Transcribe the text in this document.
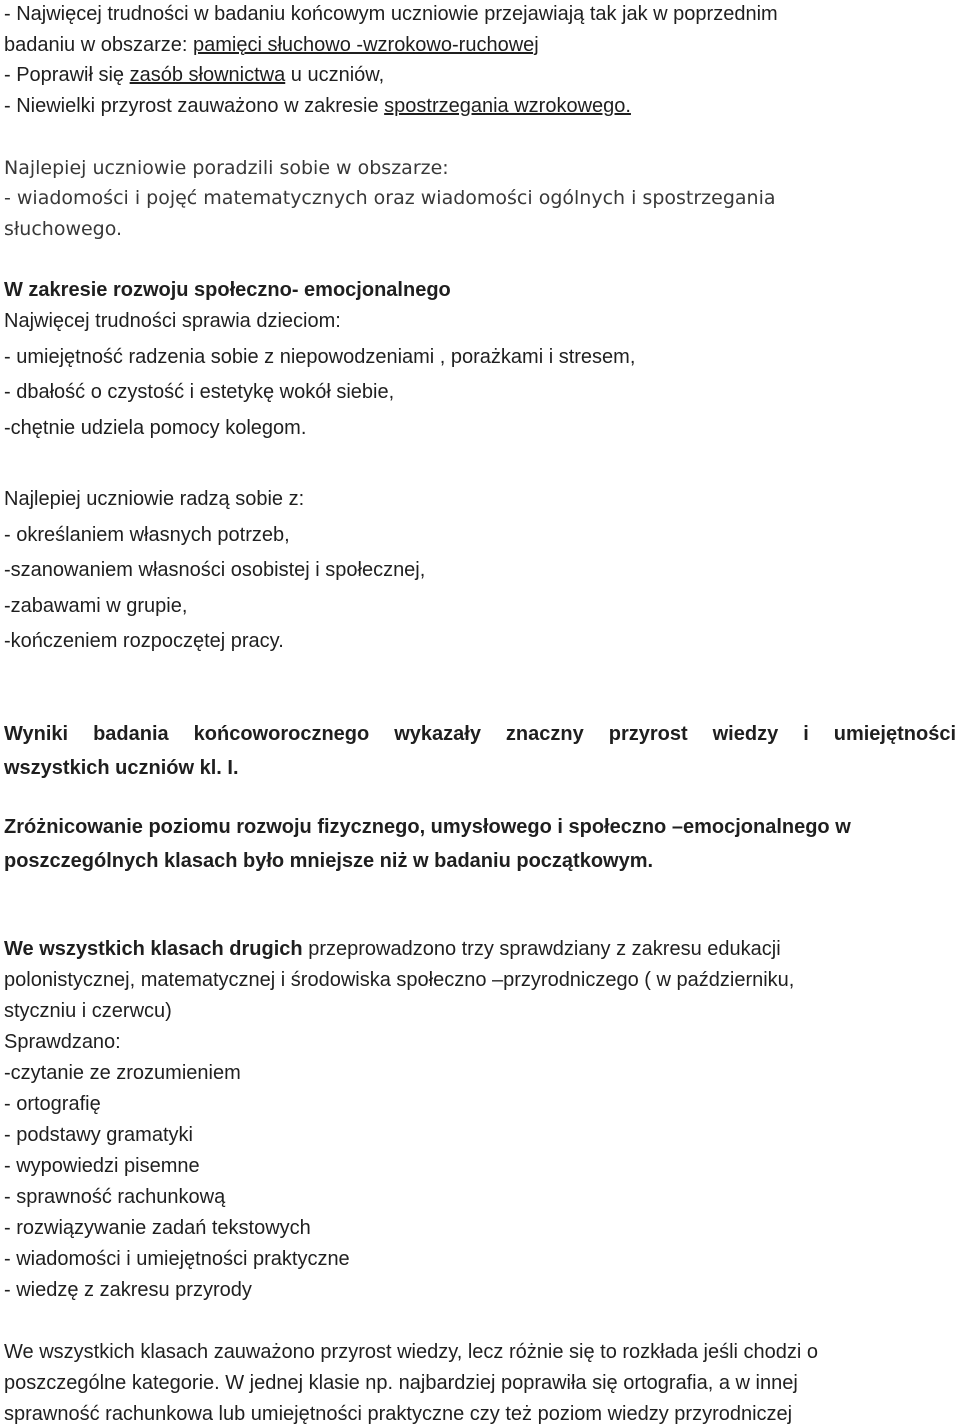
- Najwięcej trudności w badaniu końcowym uczniowie przejawiają tak jak w poprzednim
badaniu w obszarze: pamięci słuchowo -wzrokowo-ruchowej
- Poprawił się zasób słownictwa u uczniów,
- Niewielki przyrost zauważono w zakresie spostrzegania wzrokowego.
Najlepiej uczniowie poradzili sobie w obszarze:
- wiadomości i pojęć matematycznych oraz wiadomości ogólnych i spostrzegania
słuchowego.
W zakresie rozwoju społeczno- emocjonalnego
Najwięcej trudności sprawia dzieciom:
- umiejętność radzenia sobie z niepowodzeniami , porażkami i stresem,
- dbałość o czystość i estetykę wokół siebie,
-chętnie udziela pomocy kolegom.
Najlepiej uczniowie radzą sobie z:
- określaniem własnych potrzeb,
-szanowaniem własności osobistej i społecznej,
-zabawami w grupie,
-kończeniem rozpoczętej pracy.
Wyniki badania końcoworocznego wykazały znaczny przyrost wiedzy i umiejętności
wszystkich uczniów kl. I.
Zróżnicowanie poziomu rozwoju fizycznego, umysłowego i społeczno –emocjonalnego w
poszczególnych klasach było mniejsze niż w badaniu początkowym.
We wszystkich klasach drugich przeprowadzono trzy sprawdziany z zakresu edukacji
polonistycznej, matematycznej i środowiska społeczno –przyrodniczego ( w październiku,
styczniu i czerwcu)
Sprawdzano:
-czytanie ze zrozumieniem
- ortografię
- podstawy gramatyki
- wypowiedzi pisemne
- sprawność rachunkową
- rozwiązywanie zadań tekstowych
- wiadomości i umiejętności praktyczne
- wiedzę z zakresu przyrody
We wszystkich klasach zauważono przyrost wiedzy, lecz różnie się to rozkłada jeśli chodzi o
poszczególne kategorie. W jednej klasie np. najbardziej poprawiła się ortografia, a w innej
sprawność rachunkowa lub umiejętności praktyczne czy też poziom wiedzy przyrodniczej
